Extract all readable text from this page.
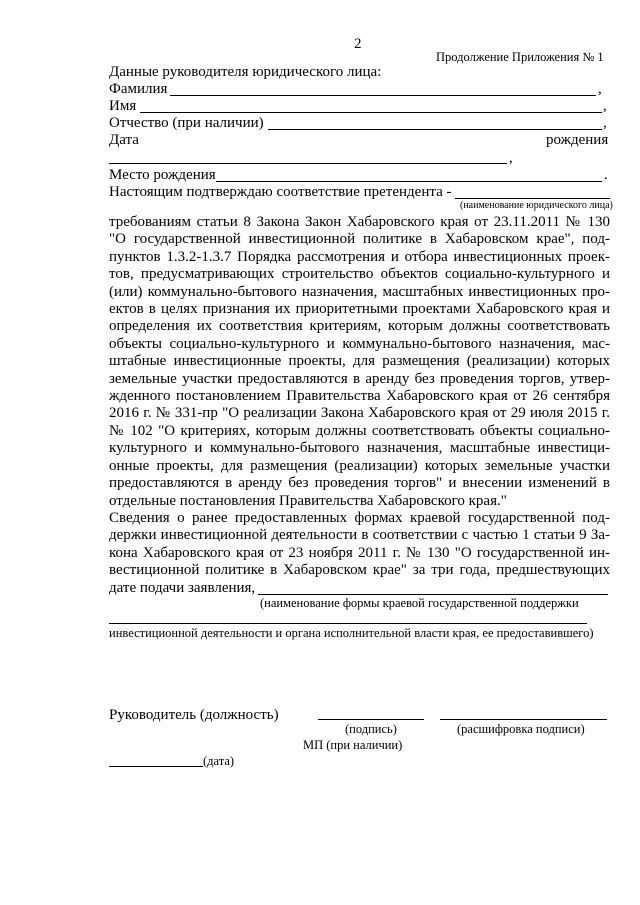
2
Продолжение Приложения № 1
Данные руководителя юридического лица:
Фамилия	,
Имя	,
Отчество (при наличии)	,
Дата	рождения
,
Место рождения	.
Настоящим подтверждаю соответствие претендента -
(наименование юридического лица)
требованиям статьи 8 Закона Закон Хабаровского края от 23.11.2011 № 130
"О государственной инвестиционной политике в Хабаровском крае", под-
пунктов 1.3.2-1.3.7 Порядка рассмотрения и отбора инвестиционных проек-
тов, предусматривающих строительство объектов социально-культурного и
(или) коммунально-бытового назначения, масштабных инвестиционных про-
ектов в целях признания их приоритетными проектами Хабаровского края и
определения их соответствия критериям, которым должны соответствовать
объекты социально-культурного и коммунально-бытового назначения, мас-
штабные инвестиционные проекты, для размещения (реализации) которых
земельные участки предоставляются в аренду без проведения торгов, утвер-
жденного постановлением Правительства Хабаровского края от 26 сентября
2016 г. № 331-пр "О реализации Закона Хабаровского края от 29 июля 2015 г.
№ 102 "О критериях, которым должны соответствовать объекты социально-
культурного и коммунально-бытового назначения, масштабные инвестици-
онные проекты, для размещения (реализации) которых земельные участки
предоставляются в аренду без проведения торгов" и внесении изменений в
отдельные постановления Правительства Хабаровского края."
Сведения о ранее предоставленных формах краевой государственной под-
держки инвестиционной деятельности в соответствии с частью 1 статьи 9 За-
кона Хабаровского края от 23 ноября 2011 г. № 130 "О государственной ин-
вестиционной политике в Хабаровском крае" за три года, предшествующих
дате подачи заявления,
(наименование формы краевой государственной поддержки
инвестиционной деятельности и органа исполнительной власти края, ее предоставившего)
Руководитель (должность)
(подпись)	(расшифровка подписи)
МП (при наличии)
(дата)
